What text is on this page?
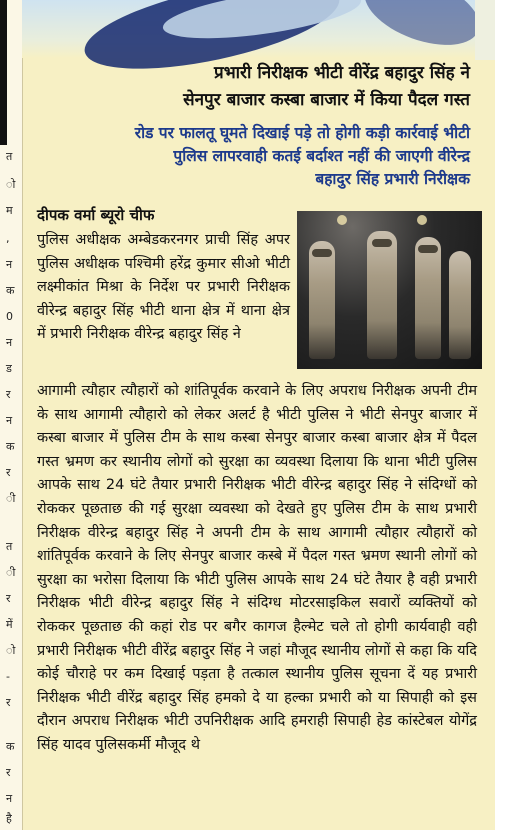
त
ो
म
,
न
क
0
न
ड
र
न
क
र
ी
त
ी
र
में
ो
-
र
क
र
न
है
प्रभारी निरीक्षक भीटी वीरेंद्र बहादुर सिंह ने
सेनपुर बाजार कस्बा बाजार में किया पैदल गस्त
रोड पर फालतू घूमते दिखाई पड़े तो होगी कड़ी कार्रवाई भीटी
पुलिस लापरवाही कतई बर्दाश्त नहीं की जाएगी वीरेन्द्र
बहादुर सिंह प्रभारी निरीक्षक
दीपक वर्मा ब्यूरो चीफ
पुलिस अधीक्षक अम्बेडकरनगर प्राची सिंह अपर पुलिस अधीक्षक पश्चिमी हरेंद्र कुमार सीओ भीटी लक्ष्मीकांत मिश्रा के निर्देश पर प्रभारी निरीक्षक वीरेन्द्र बहादुर सिंह भीटी थाना क्षेत्र में थाना क्षेत्र में प्रभारी निरीक्षक वीरेन्द्र बहादुर सिंह ने
आगामी त्यौहार त्यौहारों को शांतिपूर्वक करवाने के लिए अपराध निरीक्षक अपनी टीम के साथ आगामी त्यौहारो को लेकर अलर्ट है भीटी पुलिस ने भीटी सेनपुर बाजार में कस्बा बाजार में पुलिस टीम के साथ कस्बा सेनपुर बाजार कस्बा बाजार क्षेत्र में पैदल गस्त भ्रमण कर स्थानीय लोगों को सुरक्षा का व्यवस्था दिलाया कि थाना भीटी पुलिस आपके साथ 24 घंटे तैयार प्रभारी निरीक्षक भीटी वीरेन्द्र बहादुर सिंह ने संदिग्धों को रोककर पूछताछ की गई सुरक्षा व्यवस्था को देखते हुए पुलिस टीम के साथ प्रभारी निरीक्षक वीरेन्द्र बहादुर सिंह ने अपनी टीम के साथ आगामी त्यौहार त्यौहारों को शांतिपूर्वक करवाने के लिए सेनपुर बाजार कस्बे में पैदल गस्त भ्रमण स्थानी लोगों को सुरक्षा का भरोसा दिलाया कि भीटी पुलिस आपके साथ 24 घंटे तैयार है वही प्रभारी निरीक्षक भीटी वीरेन्द्र बहादुर सिंह ने संदिग्ध मोटरसाइकिल सवारों व्यक्तियों को रोककर पूछताछ की कहां रोड पर बगैर कागज हैल्मेट चले तो होगी कार्यवाही वही प्रभारी निरीक्षक भीटी वीरेंद्र बहादुर सिंह ने जहां मौजूद स्थानीय लोगों से कहा कि यदि कोई चौराहे पर कम दिखाई पड़ता है तत्काल स्थानीय पुलिस सूचना दें यह प्रभारी निरीक्षक भीटी वीरेंद्र बहादुर सिंह हमको दे या हल्का प्रभारी को या सिपाही को इस दौरान अपराध निरीक्षक भीटी उपनिरीक्षक आदि हमराही सिपाही हेड कांस्टेबल योगेंद्र सिंह यादव पुलिसकर्मी मौजूद थे
